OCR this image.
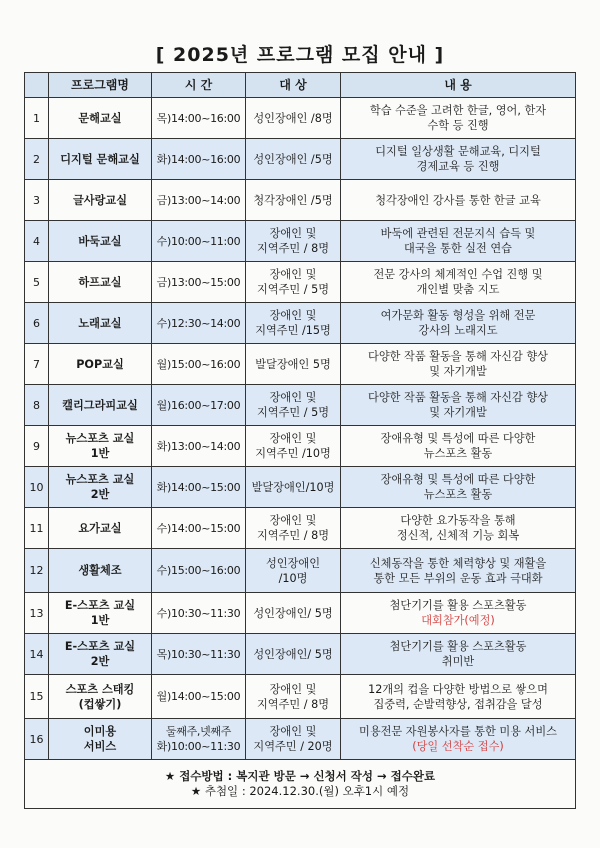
[ 2025년 프로그램 모집 안내 ]
	프로그램명	시 간	대 상	내 용
1	문해교실	목)14:00~16:00	성인장애인 /8명	학습 수준을 고려한 한글, 영어, 한자
수학 등 진행

2	디지털 문해교실	화)14:00~16:00	성인장애인 /5명	디지털 일상생활 문해교육, 디지털
경제교육 등 진행

3	글사랑교실	금)13:00~14:00	청각장애인 /5명	청각장애인 강사를 통한 한글 교육

4	바둑교실	수)10:00~11:00	장애인 및
지역주민 / 8명	바둑에 관련된 전문지식 습득 및
대국을 통한 실전 연습

5	하프교실	금)13:00~15:00	장애인 및
지역주민 / 5명	전문 강사의 체계적인 수업 진행 및
개인별 맞춤 지도

6	노래교실	수)12:30~14:00	장애인 및
지역주민 /15명	여가문화 활동 형성을 위해 전문
강사의 노래지도

7	POP교실	월)15:00~16:00	발달장애인 5명	다양한 작품 활동을 통해 자신감 향상
및 자기개발

8	캘리그라피교실	월)16:00~17:00	장애인 및
지역주민 / 5명	다양한 작품 활동을 통해 자신감 향상
및 자기개발

9	뉴스포츠 교실
1반	화)13:00~14:00	장애인 및
지역주민 /10명	장애유형 및 특성에 따른 다양한
뉴스포츠 활동

10	뉴스포츠 교실
2반	화)14:00~15:00	발달장애인/10명	장애유형 및 특성에 따른 다양한
뉴스포츠 활동

11	요가교실	수)14:00~15:00	장애인 및
지역주민 / 8명	다양한 요가동작을 통해
정신적, 신체적 기능 회복

12	생활체조	수)15:00~16:00	성인장애인
/10명	신체동작을 통한 체력향상 및 재활을
통한 모든 부위의 운동 효과 극대화

13	E-스포츠 교실
1반	수)10:30~11:30	성인장애인/ 5명	첨단기기를 활용 스포츠활동
대회참가(예정)

14	E-스포츠 교실
2반	목)10:30~11:30	성인장애인/ 5명	첨단기기를 활용 스포츠활동
취미반

15	스포츠 스태킹
(컵쌓기)	월)14:00~15:00	장애인 및
지역주민 / 8명	12개의 컵을 다양한 방법으로 쌓으며
집중력, 순발력향상, 접취감을 달성

16	이미용
서비스	둘째주,넷째주
화)10:00~11:30	장애인 및
지역주민 / 20명	미용전문 자원봉사자를 통한 미용 서비스
(당일 선착순 접수)

★ 접수방법 : 복지관 방문 → 신청서 작성 → 접수완료
★ 추첨일 : 2024.12.30.(월) 오후1시 예정				
